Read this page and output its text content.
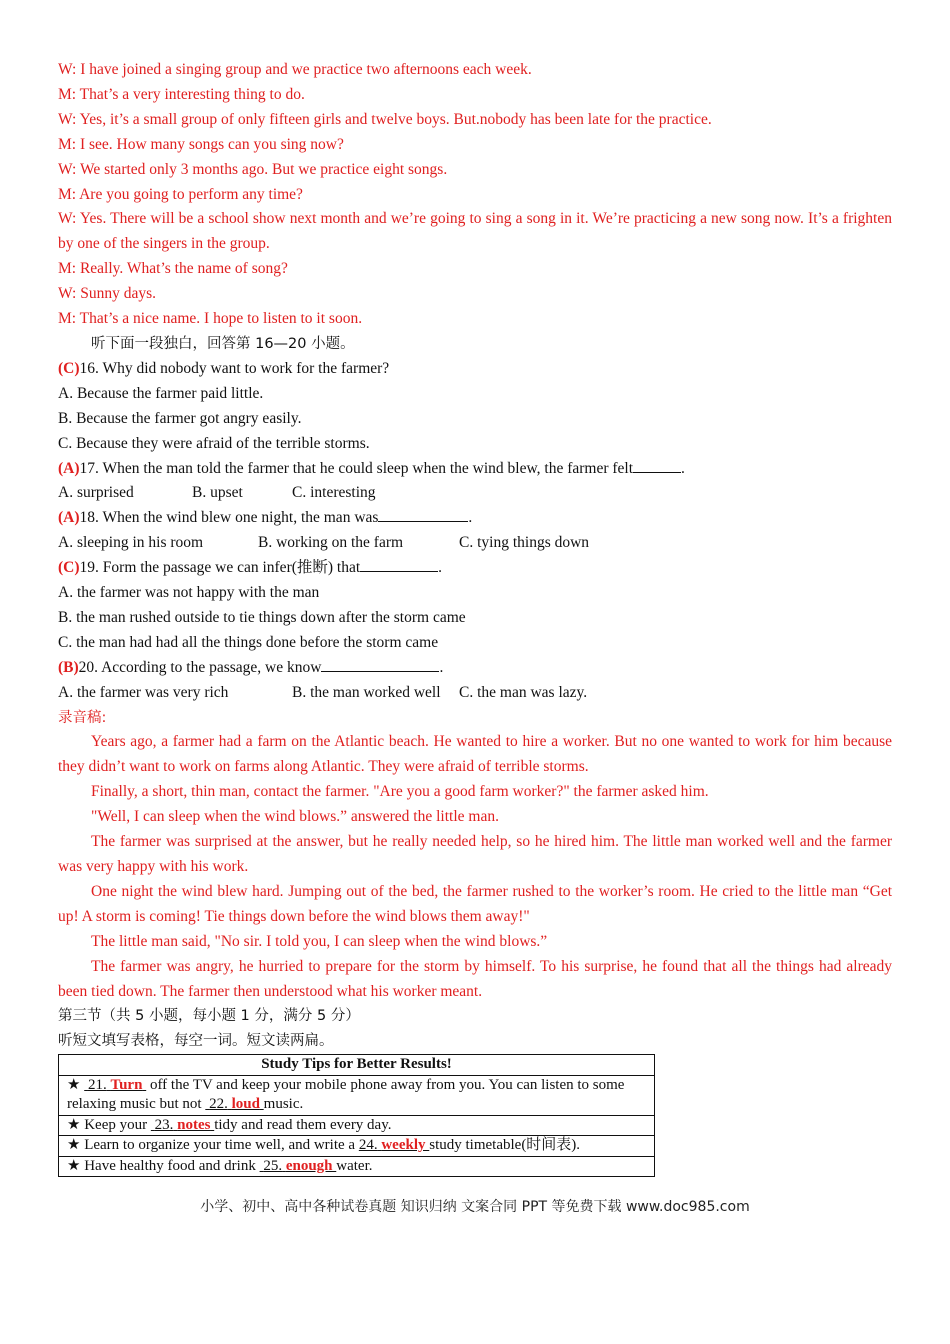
W: I have joined a singing group and we practice two afternoons each week.
M: That’s a very interesting thing to do.
W: Yes, it’s a small group of only fifteen girls and twelve boys. But.nobody has been late for the practice.
M: I see. How many songs can you sing now?
W: We started only 3 months ago. But we practice eight songs.
M: Are you going to perform any time?
W: Yes. There will be a school show next month and we’re going to sing a song in it. We’re practicing a new song now. It’s a frighten by one of the singers in the group.
M: Really. What’s the name of song?
W: Sunny days.
M: That’s a nice name. I hope to listen to it soon.
听下面一段独白，回答第 16—20 小题。
(C)16. Why did nobody want to work for the farmer?
A. Because the farmer paid little.
B. Because the farmer got angry easily.
C. Because they were afraid of the terrible storms.
(A)17. When the man told the farmer that he could sleep when the wind blew, the farmer felt	.
A. surprised	B. upset	C. interesting
(A)18. When the wind blew one night, the man was	.
A. sleeping in his room	B. working on the farm	C. tying things down
(C)19. Form the passage we can infer(推断) that	.
A. the farmer was not happy with the man
B. the man rushed outside to tie things down after the storm came
C. the man had had all the things done before the storm came
(B)20. According to the passage, we know	.
A. the farmer was very rich	B. the man worked well C. the man was lazy.
录音稿:
Years ago, a farmer had a farm on the Atlantic beach. He wanted to hire a worker. But no one wanted to work for him because they didn’t want to work on farms along Atlantic. They were afraid of terrible storms.
Finally, a short, thin man, contact the farmer. "Are you a good farm worker?" the farmer asked him.
"Well, I can sleep when the wind blows.” answered the little man.
The farmer was surprised at the answer, but he really needed help, so he hired him. The little man worked well and the farmer was very happy with his work.
One night the wind blew hard. Jumping out of the bed, the farmer rushed to the worker’s room. He cried to the little man “Get up! A storm is coming! Tie things down before the wind blows them away!"
The little man said, "No sir. I told you, I can sleep when the wind blows.”
The farmer was angry, he hurried to prepare for the storm by himself. To his surprise, he found that all the things had already been tied down. The farmer then understood what his worker meant.
第三节（共 5 小题，每小题 1 分，满分 5 分）
听短文填写表格，每空一词。短文读两扁。
Study Tips for Better Results!
★ 21. Turn off the TV and keep your mobile phone away from you. You can listen to some relaxing music but not 22. loud music.
★ Keep your 23. notes tidy and read them every day.
★ Learn to organize your time well, and write a 24. weekly study timetable(时间表).
★ Have healthy food and drink 25. enough water.
小学、初中、高中各种试卷真题 知识归纳 文案合同 PPT 等免费下载 www.doc985.com
